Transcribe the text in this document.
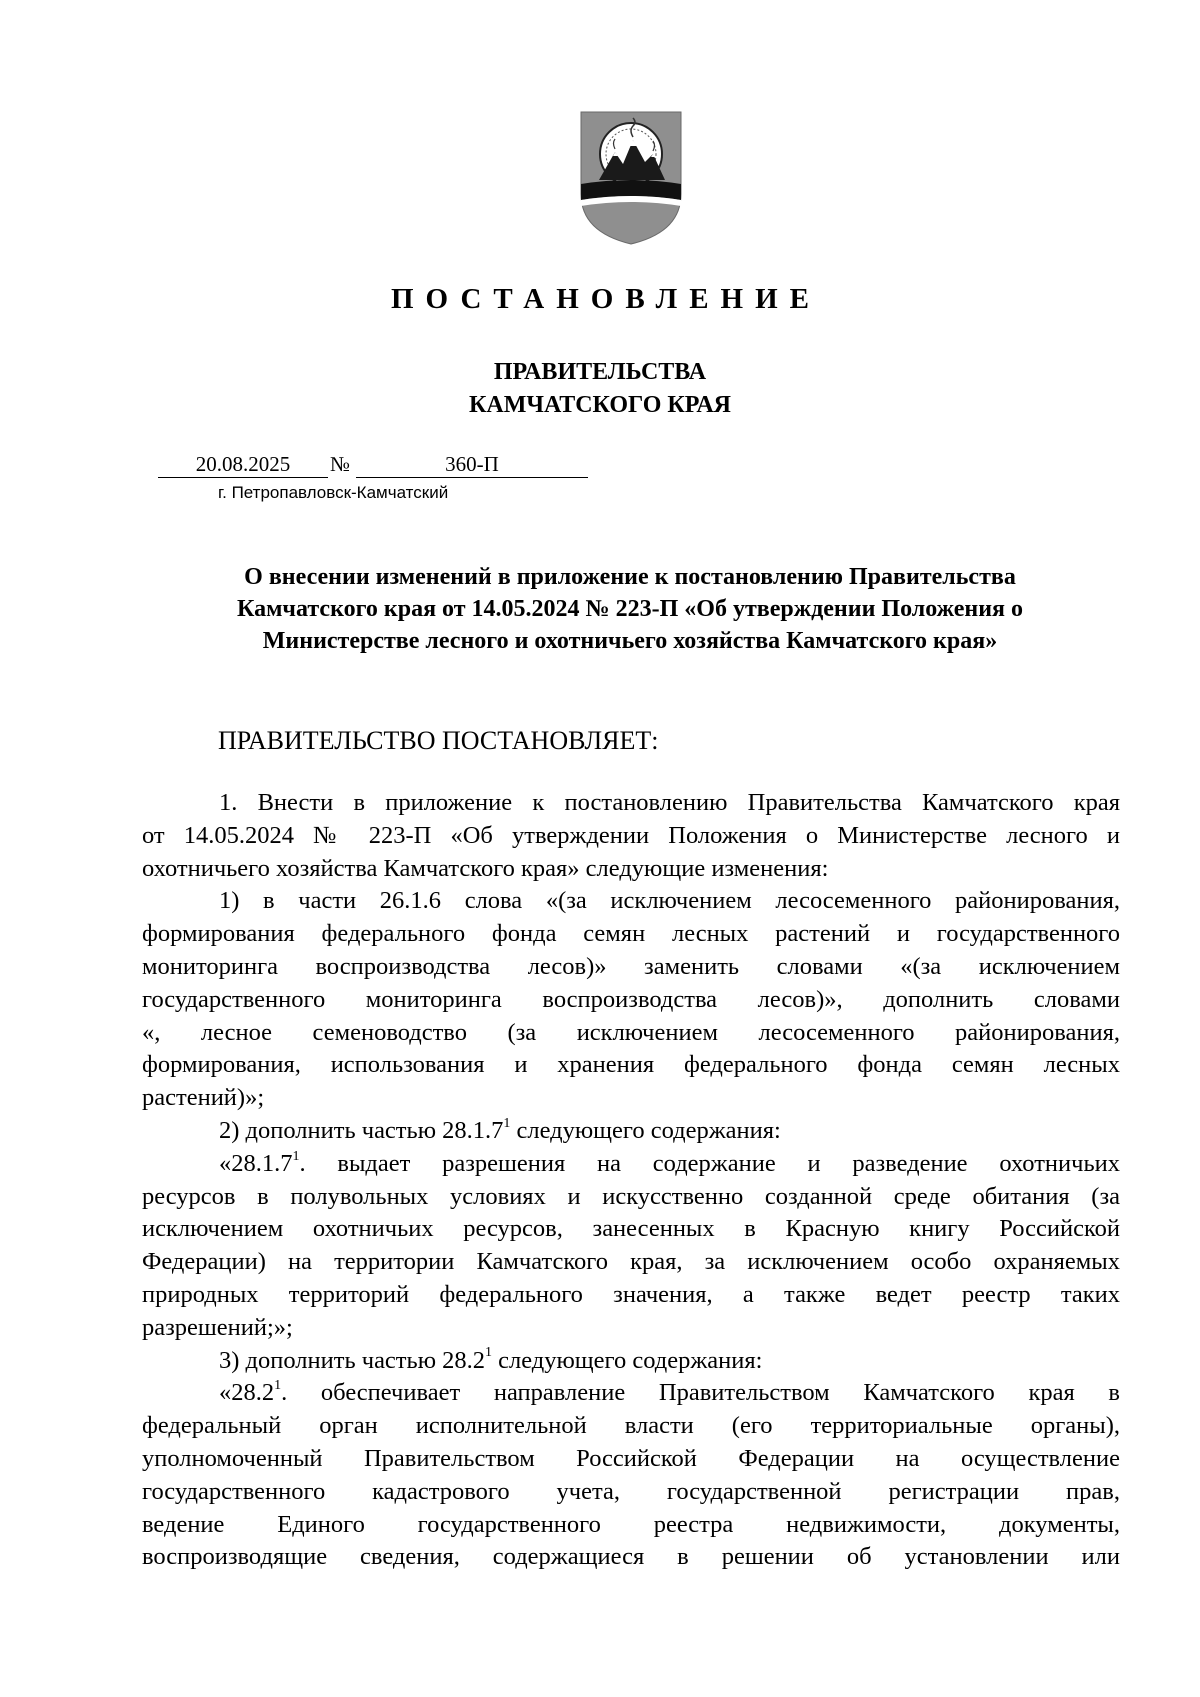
ПОСТАНОВЛЕНИЕ
ПРАВИТЕЛЬСТВА
КАМЧАТСКОГО КРАЯ
20.08.2025	№	360-П
г. Петропавловск-Камчатский
О внесении изменений в приложение к постановлению Правительства
Камчатского края от 14.05.2024 № 223-П «Об утверждении Положения о
Министерстве лесного и охотничьего хозяйства Камчатского края»
ПРАВИТЕЛЬСТВО ПОСТАНОВЛЯЕТ:

1. Внести в приложение к постановлению Правительства Камчатского края

от 14.05.2024 № 223-П «Об утверждении Положения о Министерстве лесного и

охотничьего хозяйства Камчатского края» следующие изменения:

1) в части 26.1.6 слова «(за исключением лесосеменного районирования,

формирования федерального фонда семян лесных растений и государственного

мониторинга воспроизводства лесов)» заменить словами «(за исключением

государственного мониторинга воспроизводства лесов)», дополнить словами

«, лесное семеноводство (за исключением лесосеменного районирования,

формирования, использования и хранения федерального фонда семян лесных

растений)»;

2) дополнить частью 28.1.7$^1$ следующего содержания:

«28.1.7$^1$. выдает разрешения на содержание и разведение охотничьих

ресурсов в полувольных условиях и искусственно созданной среде обитания (за

исключением охотничьих ресурсов, занесенных в Красную книгу Российской

Федерации) на территории Камчатского края, за исключением особо охраняемых

природных территорий федерального значения, а также ведет реестр таких

разрешений;»;

3) дополнить частью 28.2$^1$ следующего содержания:

«28.2$^1$. обеспечивает направление Правительством Камчатского края в

федеральный орган исполнительной власти (его территориальные органы),

уполномоченный Правительством Российской Федерации на осуществление

государственного кадастрового учета, государственной регистрации прав,

ведение Единого государственного реестра недвижимости, документы,

воспроизводящие сведения, содержащиеся в решении об установлении или
